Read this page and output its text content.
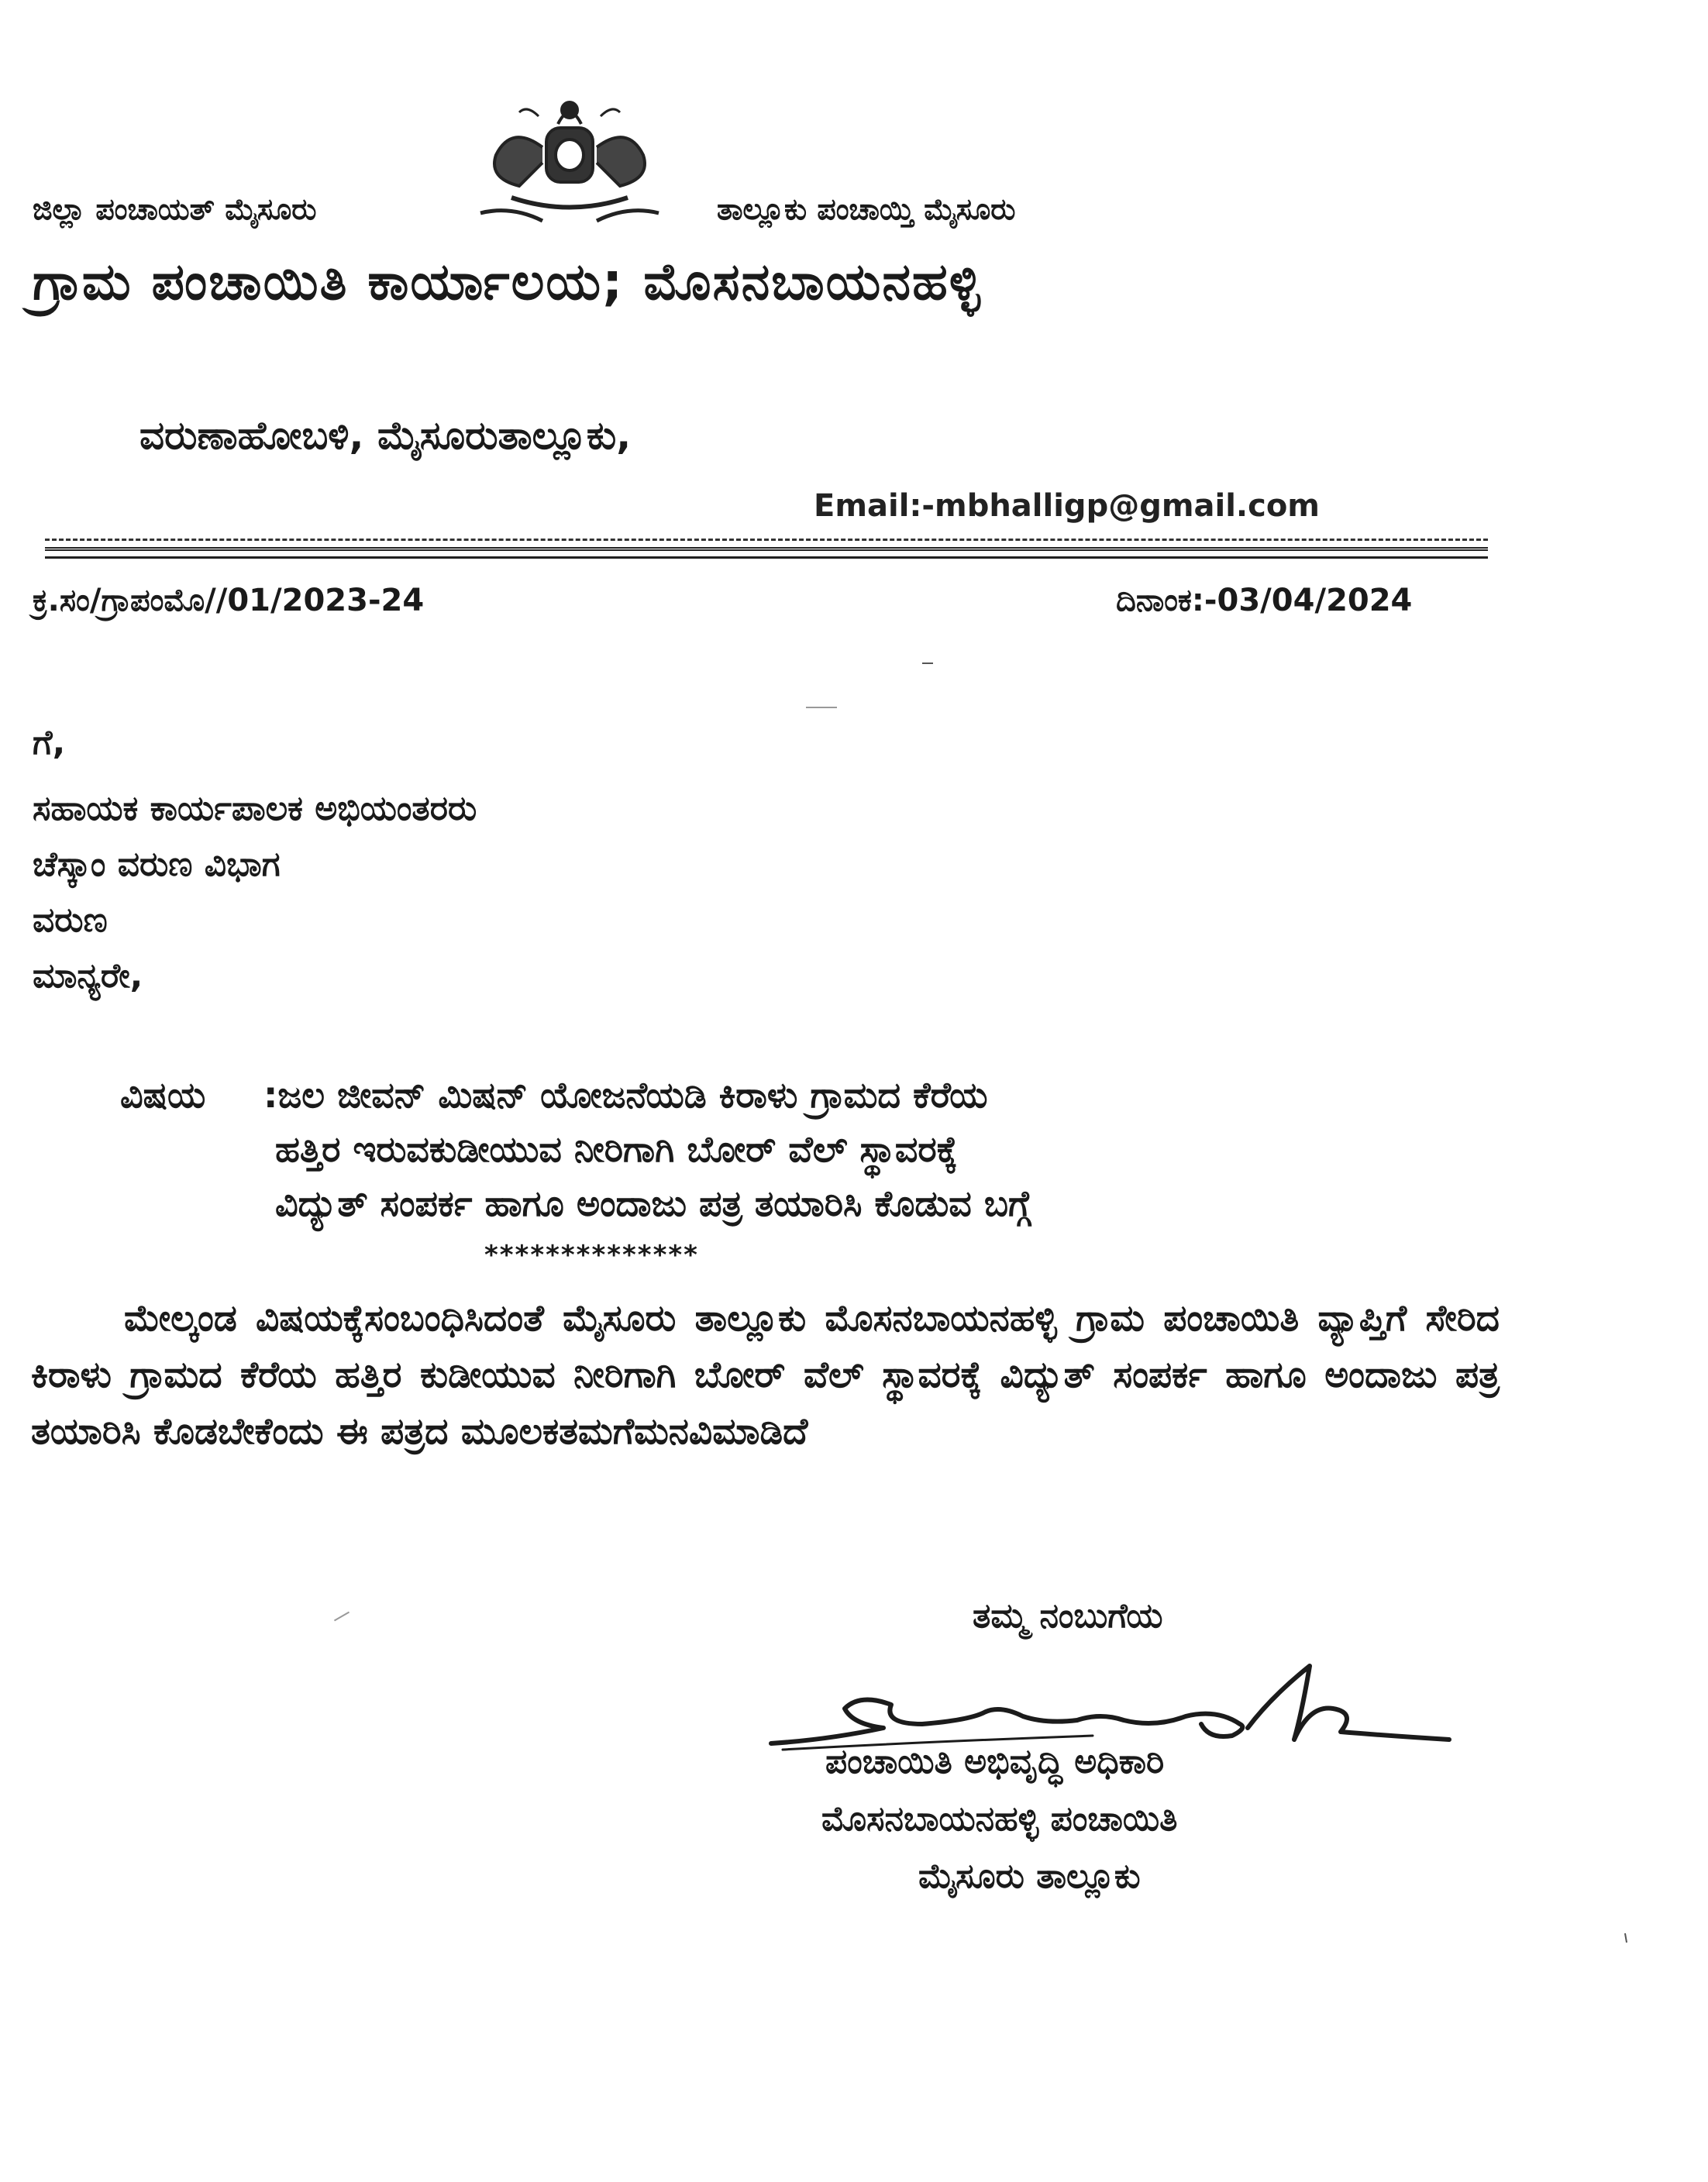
ಜಿಲ್ಲಾ ಪಂಚಾಯತ್ ಮೈಸೂರು	ತಾಲ್ಲೂಕು ಪಂಚಾಯ್ತಿ ಮೈಸೂರು
ಗ್ರಾಮ ಪಂಚಾಯಿತಿ ಕಾರ್ಯಾಲಯ; ಮೊಸನಬಾಯನಹಳ್ಳಿ
ವರುಣಾಹೋಬಳಿ, ಮೈಸೂರುತಾಲ್ಲೂಕು,
Email:-mbhalligp@gmail.com
ಕ್ರ.ಸಂ/ಗ್ರಾಪಂಮೊ//01/2023-24	ದಿನಾಂಕ:-03/04/2024
ಗೆ,
ಸಹಾಯಕ ಕಾರ್ಯಪಾಲಕ ಅಭಿಯಂತರರು
ಚೆಸ್ಕಾಂ ವರುಣ ವಿಭಾಗ
ವರುಣ
ಮಾನ್ಯರೇ,
ವಿಷಯ :ಜಲ ಜೀವನ್ ಮಿಷನ್ ಯೋಜನೆಯಡಿ ಕಿರಾಳು ಗ್ರಾಮದ ಕೆರೆಯ
ಹತ್ತಿರ ಇರುವಕುಡೀಯುವ ನೀರಿಗಾಗಿ ಬೋರ್ ವೆಲ್ ಸ್ಥಾವರಕ್ಕೆ
ವಿದ್ಯುತ್ ಸಂಪರ್ಕ ಹಾಗೂ ಅಂದಾಜು ಪತ್ರ ತಯಾರಿಸಿ ಕೊಡುವ ಬಗ್ಗೆ
**************
ಮೇಲ್ಕಂಡ ವಿಷಯಕ್ಕೆಸಂಬಂಧಿಸಿದಂತೆ ಮೈಸೂರು ತಾಲ್ಲೂಕು ಮೊಸನಬಾಯನಹಳ್ಳಿ ಗ್ರಾಮ ಪಂಚಾಯಿತಿ ವ್ಯಾಪ್ತಿಗೆ ಸೇರಿದ ಕಿರಾಳು ಗ್ರಾಮದ ಕೆರೆಯ ಹತ್ತಿರ ಕುಡೀಯುವ ನೀರಿಗಾಗಿ ಬೋರ್ ವೆಲ್ ಸ್ಥಾವರಕ್ಕೆ ವಿದ್ಯುತ್ ಸಂಪರ್ಕ ಹಾಗೂ ಅಂದಾಜು ಪತ್ರ ತಯಾರಿಸಿ ಕೊಡಬೇಕೆಂದು ಈ ಪತ್ರದ ಮೂಲಕತಮಗೆಮನವಿಮಾಡಿದೆ
ತಮ್ಮ ನಂಬುಗೆಯ
ಪಂಚಾಯಿತಿ ಅಭಿವೃದ್ಧಿ ಅಧಿಕಾರಿ
ಮೊಸನಬಾಯನಹಳ್ಳಿ ಪಂಚಾಯಿತಿ
ಮೈಸೂರು ತಾಲ್ಲೂಕು
